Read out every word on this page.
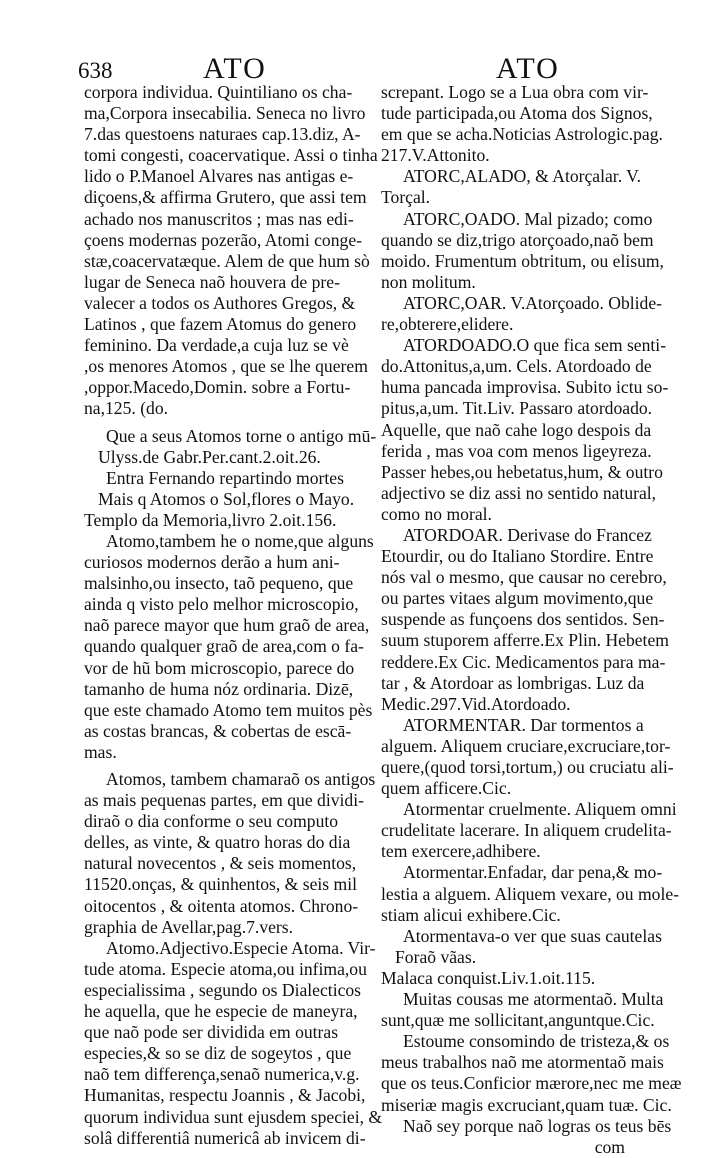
638	ATO	ATO

corpora individua. Quintiliano os cha-

ma,Corpora insecabilia. Seneca no livro

7.das questoens naturaes cap.13.diz, A-

tomi congesti, coacervatique. Assi o tinha

lido o P.Manoel Alvares nas antigas e-

diçoens,& affirma Grutero, que assi tem

achado nos manuscritos ; mas nas edi-

çoens modernas pozerão, Atomi conge-

stæ,coacervatæque. Alem de que hum sò

lugar de Seneca naõ houvera de pre-

valecer a todos os Authores Gregos, &

Latinos , que fazem Atomus do genero

feminino. Da verdade,a cuja luz se vè

,os menores Atomos , que se lhe querem

,oppor.Macedo,Domin. sobre a Fortu-

na,125. (do.

Que a seus Atomos torne o antigo mū-

Ulyss.de Gabr.Per.cant.2.oit.26.

Entra Fernando repartindo mortes

Mais q Atomos o Sol,flores o Mayo.

Templo da Memoria,livro 2.oit.156.

Atomo,tambem he o nome,que alguns

curiosos modernos derão a hum ani-

malsinho,ou insecto, taõ pequeno, que

ainda q visto pelo melhor microscopio,

naõ parece mayor que hum graõ de area,

quando qualquer graõ de area,com o fa-

vor de hũ bom microscopio, parece do

tamanho de huma nóz ordinaria. Dizē,

que este chamado Atomo tem muitos pès

as costas brancas, & cobertas de escā-

mas.

Atomos, tambem chamaraõ os antigos

as mais pequenas partes, em que dividi-

diraõ o dia conforme o seu computo

delles, as vinte, & quatro horas do dia

natural novecentos , & seis momentos,

11520.onças, & quinhentos, & seis mil

oitocentos , & oitenta atomos. Chrono-

graphia de Avellar,pag.7.vers.

Atomo.Adjectivo.Especie Atoma. Vir-

tude atoma. Especie atoma,ou infima,ou

especialissima , segundo os Dialecticos

he aquella, que he especie de maneyra,

que naõ pode ser dividida em outras

especies,& so se diz de sogeytos , que

naõ tem differença,senaõ numerica,v.g.

Humanitas, respectu Joannis , & Jacobi,

quorum individua sunt ejusdem speciei, &

solâ differentiâ numericâ ab invicem di-

screpant. Logo se a Lua obra com vir-

tude participada,ou Atoma dos Signos,

em que se acha.Noticias Astrologic.pag.

217.V.Attonito.

ATORC,ALADO, & Atorçalar. V.

Torçal.

ATORC,OADO. Mal pizado; como

quando se diz,trigo atorçoado,naõ bem

moido. Frumentum obtritum, ou elisum,

non molitum.

ATORC,OAR. V.Atorçoado. Oblide-

re,obterere,elidere.

ATORDOADO.O que fica sem senti-

do.Attonitus,a,um. Cels. Atordoado de

huma pancada improvisa. Subito ictu so-

pitus,a,um. Tit.Liv. Passaro atordoado.

Aquelle, que naõ cahe logo despois da

ferida , mas voa com menos ligeyreza.

Passer hebes,ou hebetatus,hum, & outro

adjectivo se diz assi no sentido natural,

como no moral.

ATORDOAR. Derivase do Francez

Etourdir, ou do Italiano Stordire. Entre

nós val o mesmo, que causar no cerebro,

ou partes vitaes algum movimento,que

suspende as funçoens dos sentidos. Sen-

suum stuporem afferre.Ex Plin. Hebetem

reddere.Ex Cic. Medicamentos para ma-

tar , & Atordoar as lombrigas. Luz da

Medic.297.Vid.Atordoado.

ATORMENTAR. Dar tormentos a

alguem. Aliquem cruciare,excruciare,tor-

quere,(quod torsi,tortum,) ou cruciatu ali-

quem afficere.Cic.

Atormentar cruelmente. Aliquem omni

crudelitate lacerare. In aliquem crudelita-

tem exercere,adhibere.

Atormentar.Enfadar, dar pena,& mo-

lestia a alguem. Aliquem vexare, ou mole-

stiam alicui exhibere.Cic.

Atormentava-o ver que suas cautelas

Foraõ vãas.

Malaca conquist.Liv.1.oit.115.

Muitas cousas me atormentaõ. Multa

sunt,quæ me sollicitant,anguntque.Cic.

Estoume consomindo de tristeza,& os

meus trabalhos naõ me atormentaõ mais

que os teus.Conficior mærore,nec me meæ

miseriæ magis excruciant,quam tuæ. Cic.

Naõ sey porque naõ logras os teus bēs

com
